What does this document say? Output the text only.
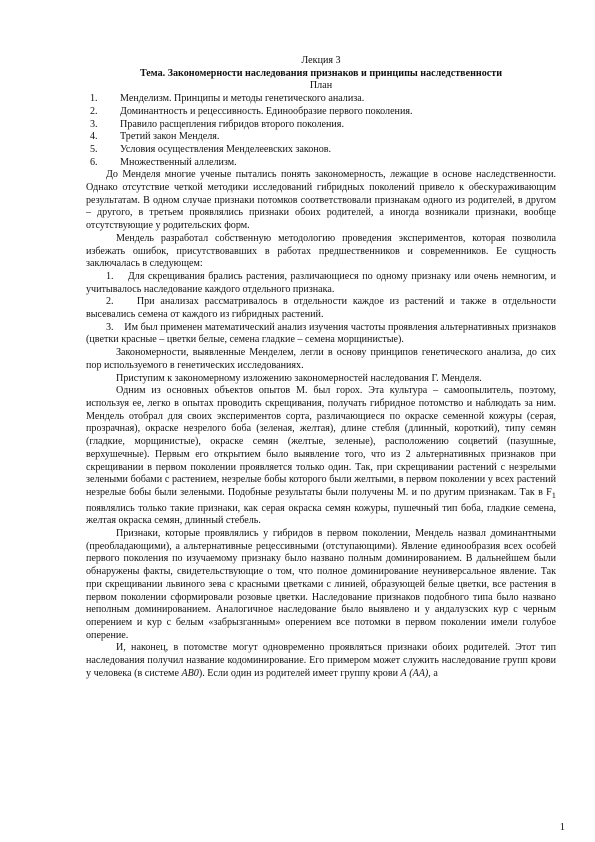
Лекция 3
Тема. Закономерности наследования признаков и принципы наследственности
План
1.	Менделизм. Принципы и методы генетического анализа.
2.	Доминантность и рецессивность. Единообразие первого поколения.
3.	Правило расщепления гибридов второго поколения.
4.	Третий закон Менделя.
5.	Условия осуществления Менделеевских законов.
6.	Множественный аллелизм.

До Менделя многие ученые пытались понять закономерность, лежащие в основе наследственности. Однако отсутствие четкой методики исследований гибридных поколений привело к обескураживающим результатам. В одном случае признаки потомков соответствовали признакам одного из родителей, в другом – другого, в третьем проявлялись признаки обоих родителей, а иногда возникали признаки, вообще отсутствующие у родительских форм.

Мендель разработал собственную методологию проведения экспериментов, которая позволила избежать ошибок, присутствовавших в работах предшественников и современников. Ее сущность заключалась в следующем:

1. Для скрещивания брались растения, различающиеся по одному признаку или очень немногим, и учитывалось наследование каждого отдельного признака.

2. При анализах рассматривалось в отдельности каждое из растений и также в отдельности высевались семена от каждого из гибридных растений.

3. Им был применен математический анализ изучения частоты проявления альтернативных признаков (цветки красные – цветки белые, семена гладкие – семена морщинистые).

Закономерности, выявленные Менделем, легли в основу принципов генетического анализа, до сих пор используемого в генетических исследованиях.

Приступим к закономерному изложению закономерностей наследования Г. Менделя.

Одним из основных объектов опытов М. был горох. Эта культура – самоопылитель, поэтому, используя ее, легко в опытах проводить скрещивания, получать гибридное потомство и наблюдать за ним. Мендель отобрал для своих экспериментов сорта, различающиеся по окраске семенной кожуры (серая, прозрачная), окраске незрелого боба (зеленая, желтая), длине стебля (длинный, короткий), типу семян (гладкие, морщинистые), окраске семян (желтые, зеленые), расположению соцветий (пазушные, верхушечные). Первым его открытием было выявление того, что из 2 альтернативных признаков при скрещивании в первом поколении проявляется только один. Так, при скрещивании растений с незрелыми зелеными бобами с растением, незрелые бобы которого были желтыми, в первом поколении у всех растений незрелые бобы были зелеными. Подобные результаты были получены М. и по другим признакам. Так в $F_1$ появлялись только такие признаки, как серая окраска семян кожуры, пушечный тип боба, гладкие семена, желтая окраска семян, длинный стебель.

Признаки, которые проявлялись у гибридов в первом поколении, Мендель назвал доминантными (преобладающими), а альтернативные рецессивными (отступающими). Явление единообразия всех особей первого поколения по изучаемому признаку было названо полным доминированием. В дальнейшем были обнаружены факты, свидетельствующие о том, что полное доминирование неуниверсальное явление. Так при скрещивании львиного зева с красными цветками с линией, образующей белые цветки, все растения в первом поколении сформировали розовые цветки. Наследование признаков подобного типа было названо неполным доминированием. Аналогичное наследование было выявлено и у андалузских кур с черным оперением и кур с белым «забрызганным» оперением все потомки в первом поколении имели голубое оперение.

И, наконец, в потомстве могут одновременно проявляться признаки обоих родителей. Этот тип наследования получил название кодоминирование. Его примером может служить наследование групп крови у человека (в системе АВ0). Если один из родителей имеет группу крови А (АА), а

1
